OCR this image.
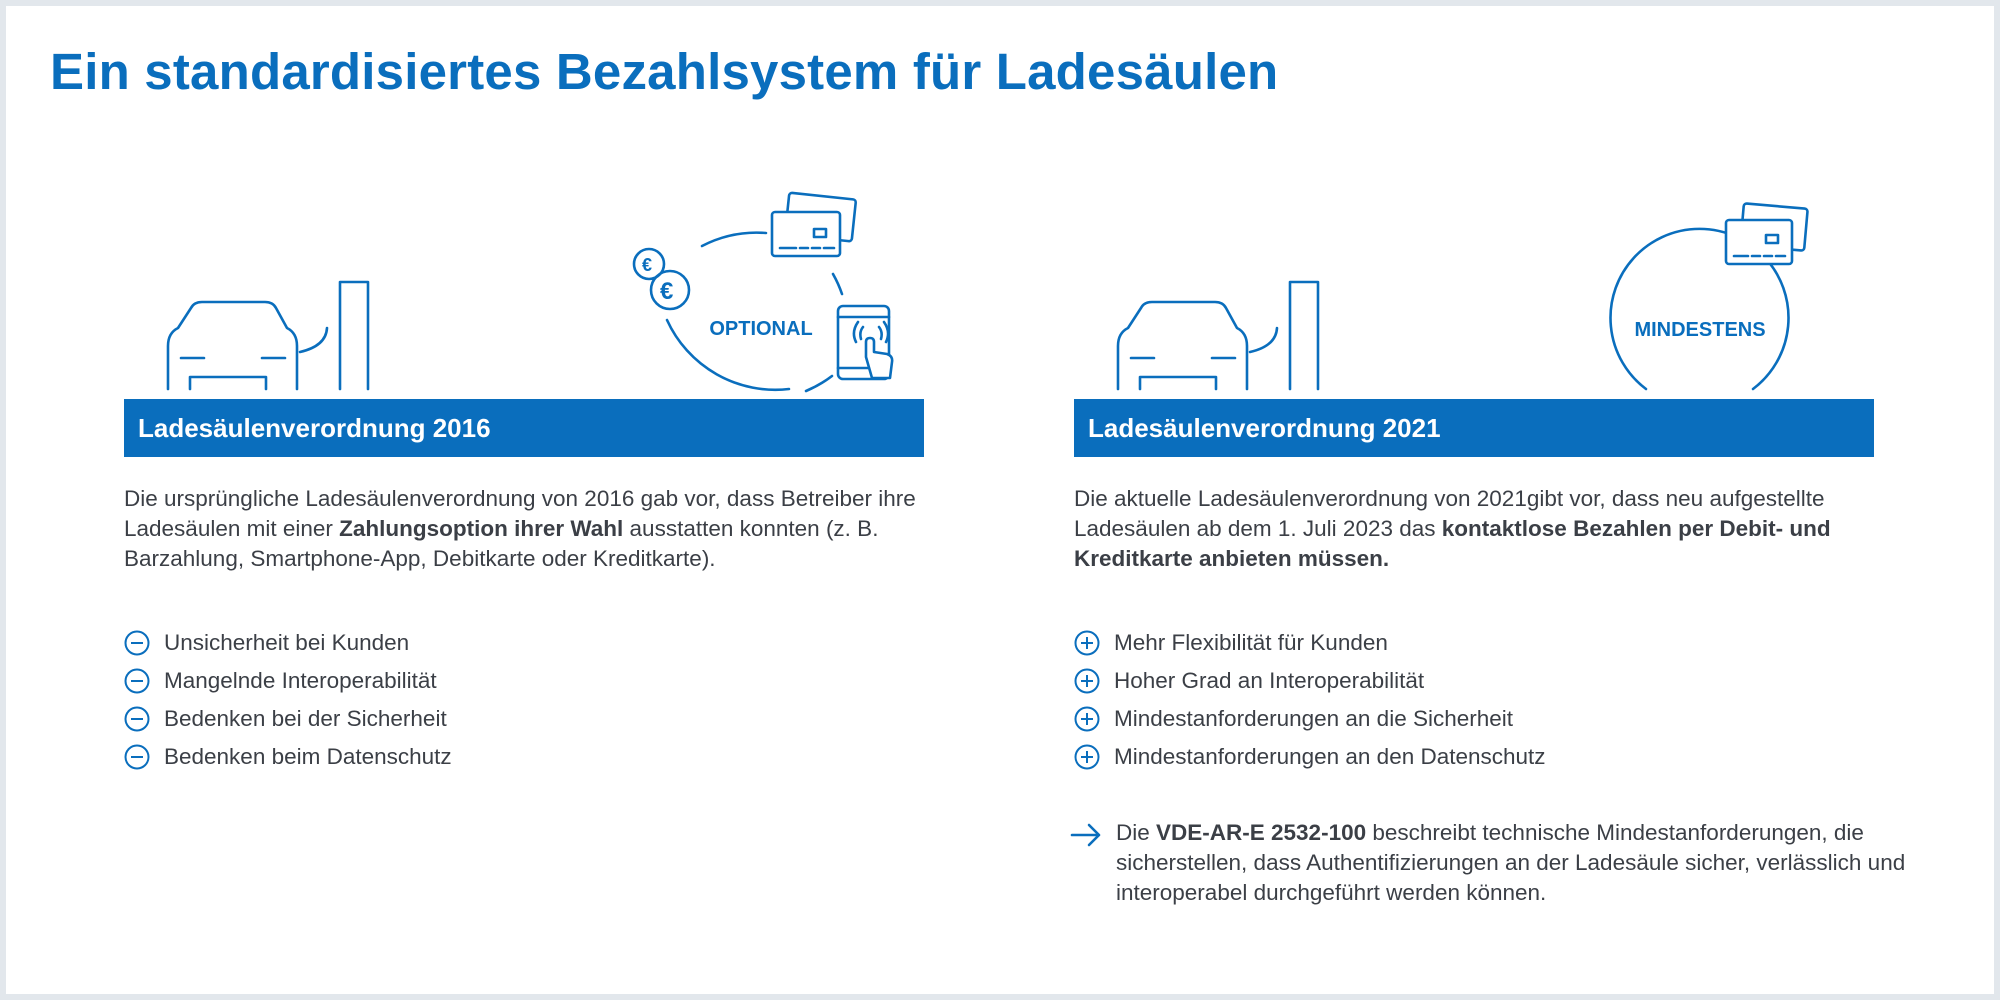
Ein standardisiertes Bezahlsystem für Ladesäulen
€
€
OPTIONAL
Ladesäulenverordnung 2016

Die ursprüngliche Ladesäulenverordnung von 2016 gab vor, dass Betreiber ihre Ladesäulen mit einer Zahlungsoption ihrer Wahl ausstatten konnten (z. B. Barzahlung, Smartphone-App, Debitkarte oder Kreditkarte).

Unsicherheit bei Kunden
Mangelnde Interoperabilität
Bedenken bei der Sicherheit
Bedenken beim Datenschutz
MINDESTENS
Ladesäulenverordnung 2021

Die aktuelle Ladesäulenverordnung von 2021gibt vor, dass neu aufgestellte Ladesäulen ab dem 1. Juli 2023 das kontaktlose Bezahlen per Debit- und Kreditkarte anbieten müssen.

Mehr Flexibilität für Kunden
Hoher Grad an Interoperabilität
Mindestanforderungen an die Sicherheit
Mindestanforderungen an den Datenschutz

Die VDE-AR-E 2532-100 beschreibt technische Mindestanforderungen, die sicherstellen, dass Authentifizierungen an der Ladesäule sicher, verlässlich und interoperabel durchgeführt werden können.
